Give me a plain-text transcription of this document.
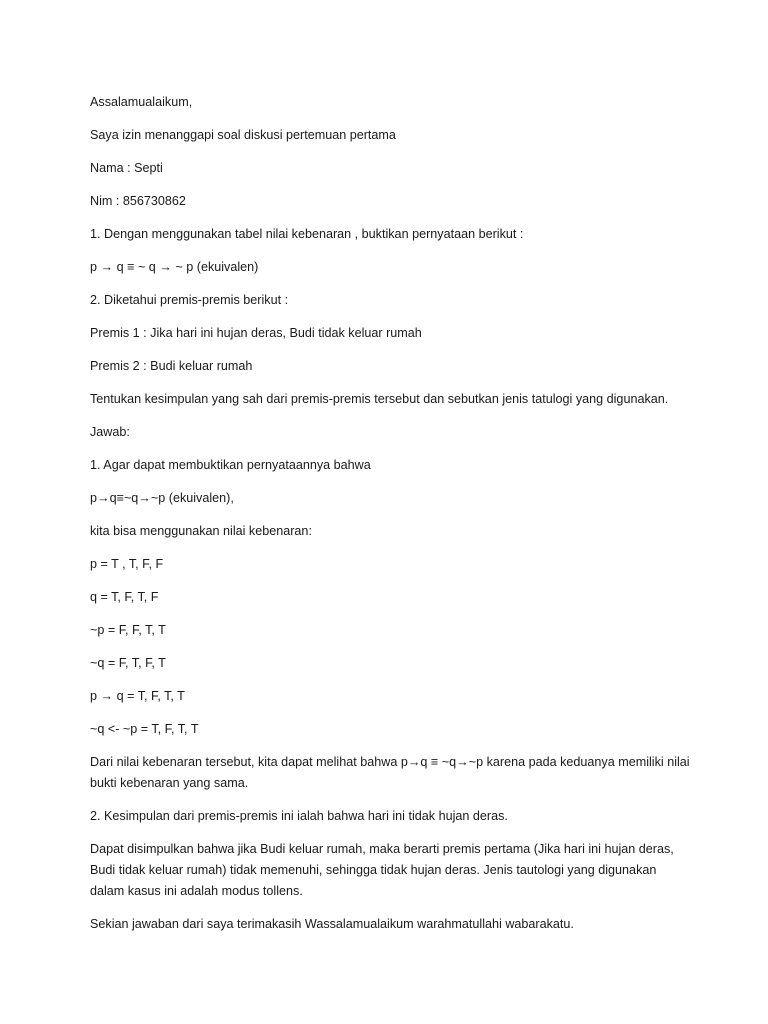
Assalamualaikum,

Saya izin menanggapi soal diskusi pertemuan pertama

Nama : Septi

Nim : 856730862

1. Dengan menggunakan tabel nilai kebenaran , buktikan pernyataan berikut :

p → q ≡ ~ q → ~ p (ekuivalen)

2. Diketahui premis-premis berikut :

Premis 1 : Jika hari ini hujan deras, Budi tidak keluar rumah

Premis 2 : Budi keluar rumah

Tentukan kesimpulan yang sah dari premis-premis tersebut dan sebutkan jenis tatulogi yang digunakan.

Jawab:

1. Agar dapat membuktikan pernyataannya bahwa

p→q≡~q→~p (ekuivalen),

kita bisa menggunakan nilai kebenaran:

p = T , T, F, F

q = T, F, T, F

~p = F, F, T, T

~q = F, T, F, T

p → q = T, F, T, T

~q <- ~p = T, F, T, T

Dari nilai kebenaran tersebut, kita dapat melihat bahwa p→q ≡ ~q→~p karena pada keduanya memiliki nilai bukti kebenaran yang sama.

2. Kesimpulan dari premis-premis ini ialah bahwa hari ini tidak hujan deras.

Dapat disimpulkan bahwa jika Budi keluar rumah, maka berarti premis pertama (Jika hari ini hujan deras, Budi tidak keluar rumah) tidak memenuhi, sehingga tidak hujan deras. Jenis tautologi yang digunakan dalam kasus ini adalah modus tollens.

Sekian jawaban dari saya terimakasih Wassalamualaikum warahmatullahi wabarakatu.
